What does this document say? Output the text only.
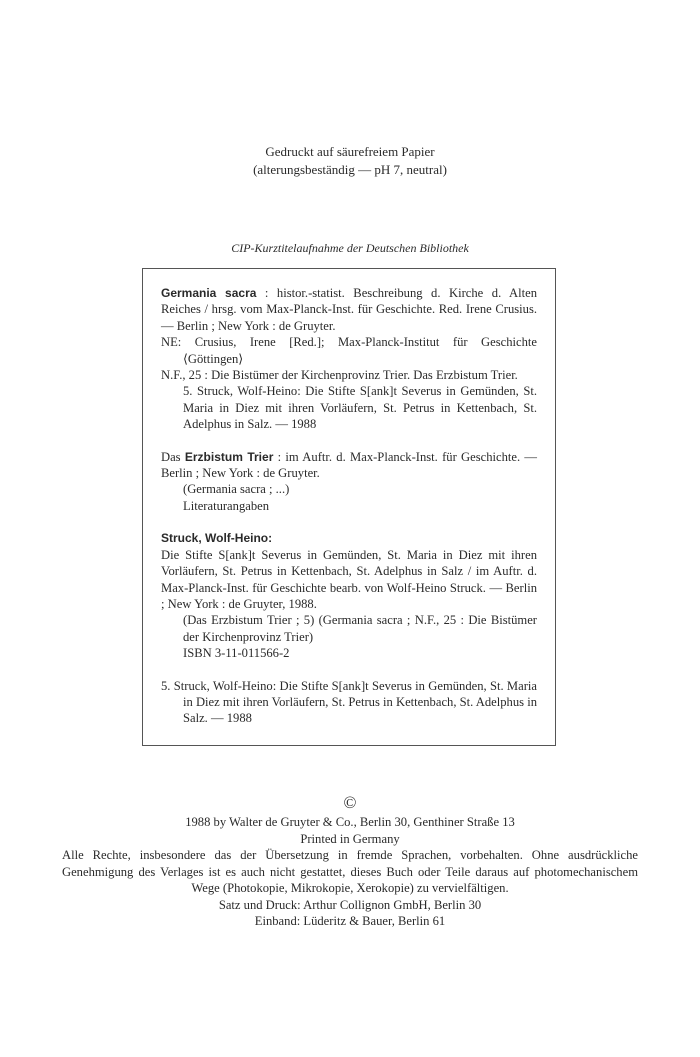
Gedruckt auf säurefreiem Papier
(alterungsbeständig — pH 7, neutral)
CIP-Kurztitelaufnahme der Deutschen Bibliothek

Germania sacra : histor.-statist. Beschreibung d. Kirche d. Alten Reiches / hrsg. vom Max-Planck-Inst. für Geschichte. Red. Irene Crusius. — Berlin ; New York : de Gruyter.

NE: Crusius, Irene [Red.]; Max-Planck-Institut für Geschichte ⟨Göttingen⟩

N.F., 25 : Die Bistümer der Kirchenprovinz Trier. Das Erzbistum Trier.

5. Struck, Wolf-Heino: Die Stifte S[ank]t Severus in Gemünden, St. Maria in Diez mit ihren Vorläufern, St. Petrus in Kettenbach, St. Adelphus in Salz. — 1988

Das Erzbistum Trier : im Auftr. d. Max-Planck-Inst. für Geschichte. — Berlin ; New York : de Gruyter.

(Germania sacra ; ...)

Literaturangaben

Struck, Wolf-Heino:

Die Stifte S[ank]t Severus in Gemünden, St. Maria in Diez mit ihren Vorläufern, St. Petrus in Kettenbach, St. Adelphus in Salz / im Auftr. d. Max-Planck-Inst. für Geschichte bearb. von Wolf-Heino Struck. — Berlin ; New York : de Gruyter, 1988.

(Das Erzbistum Trier ; 5) (Germania sacra ; N.F., 25 : Die Bistümer der Kirchenprovinz Trier)

ISBN 3-11-011566-2

5. Struck, Wolf-Heino: Die Stifte S[ank]t Severus in Gemünden, St. Maria in Diez mit ihren Vorläufern, St. Petrus in Kettenbach, St. Adelphus in Salz. — 1988

©

1988 by Walter de Gruyter & Co., Berlin 30, Genthiner Straße 13

Printed in Germany

Alle Rechte, insbesondere das der Übersetzung in fremde Sprachen, vorbehalten. Ohne ausdrückliche Genehmigung des Verlages ist es auch nicht gestattet, dieses Buch oder Teile daraus auf photomechanischem Wege (Photokopie, Mikrokopie, Xerokopie) zu vervielfältigen.

Satz und Druck: Arthur Collignon GmbH, Berlin 30

Einband: Lüderitz & Bauer, Berlin 61
